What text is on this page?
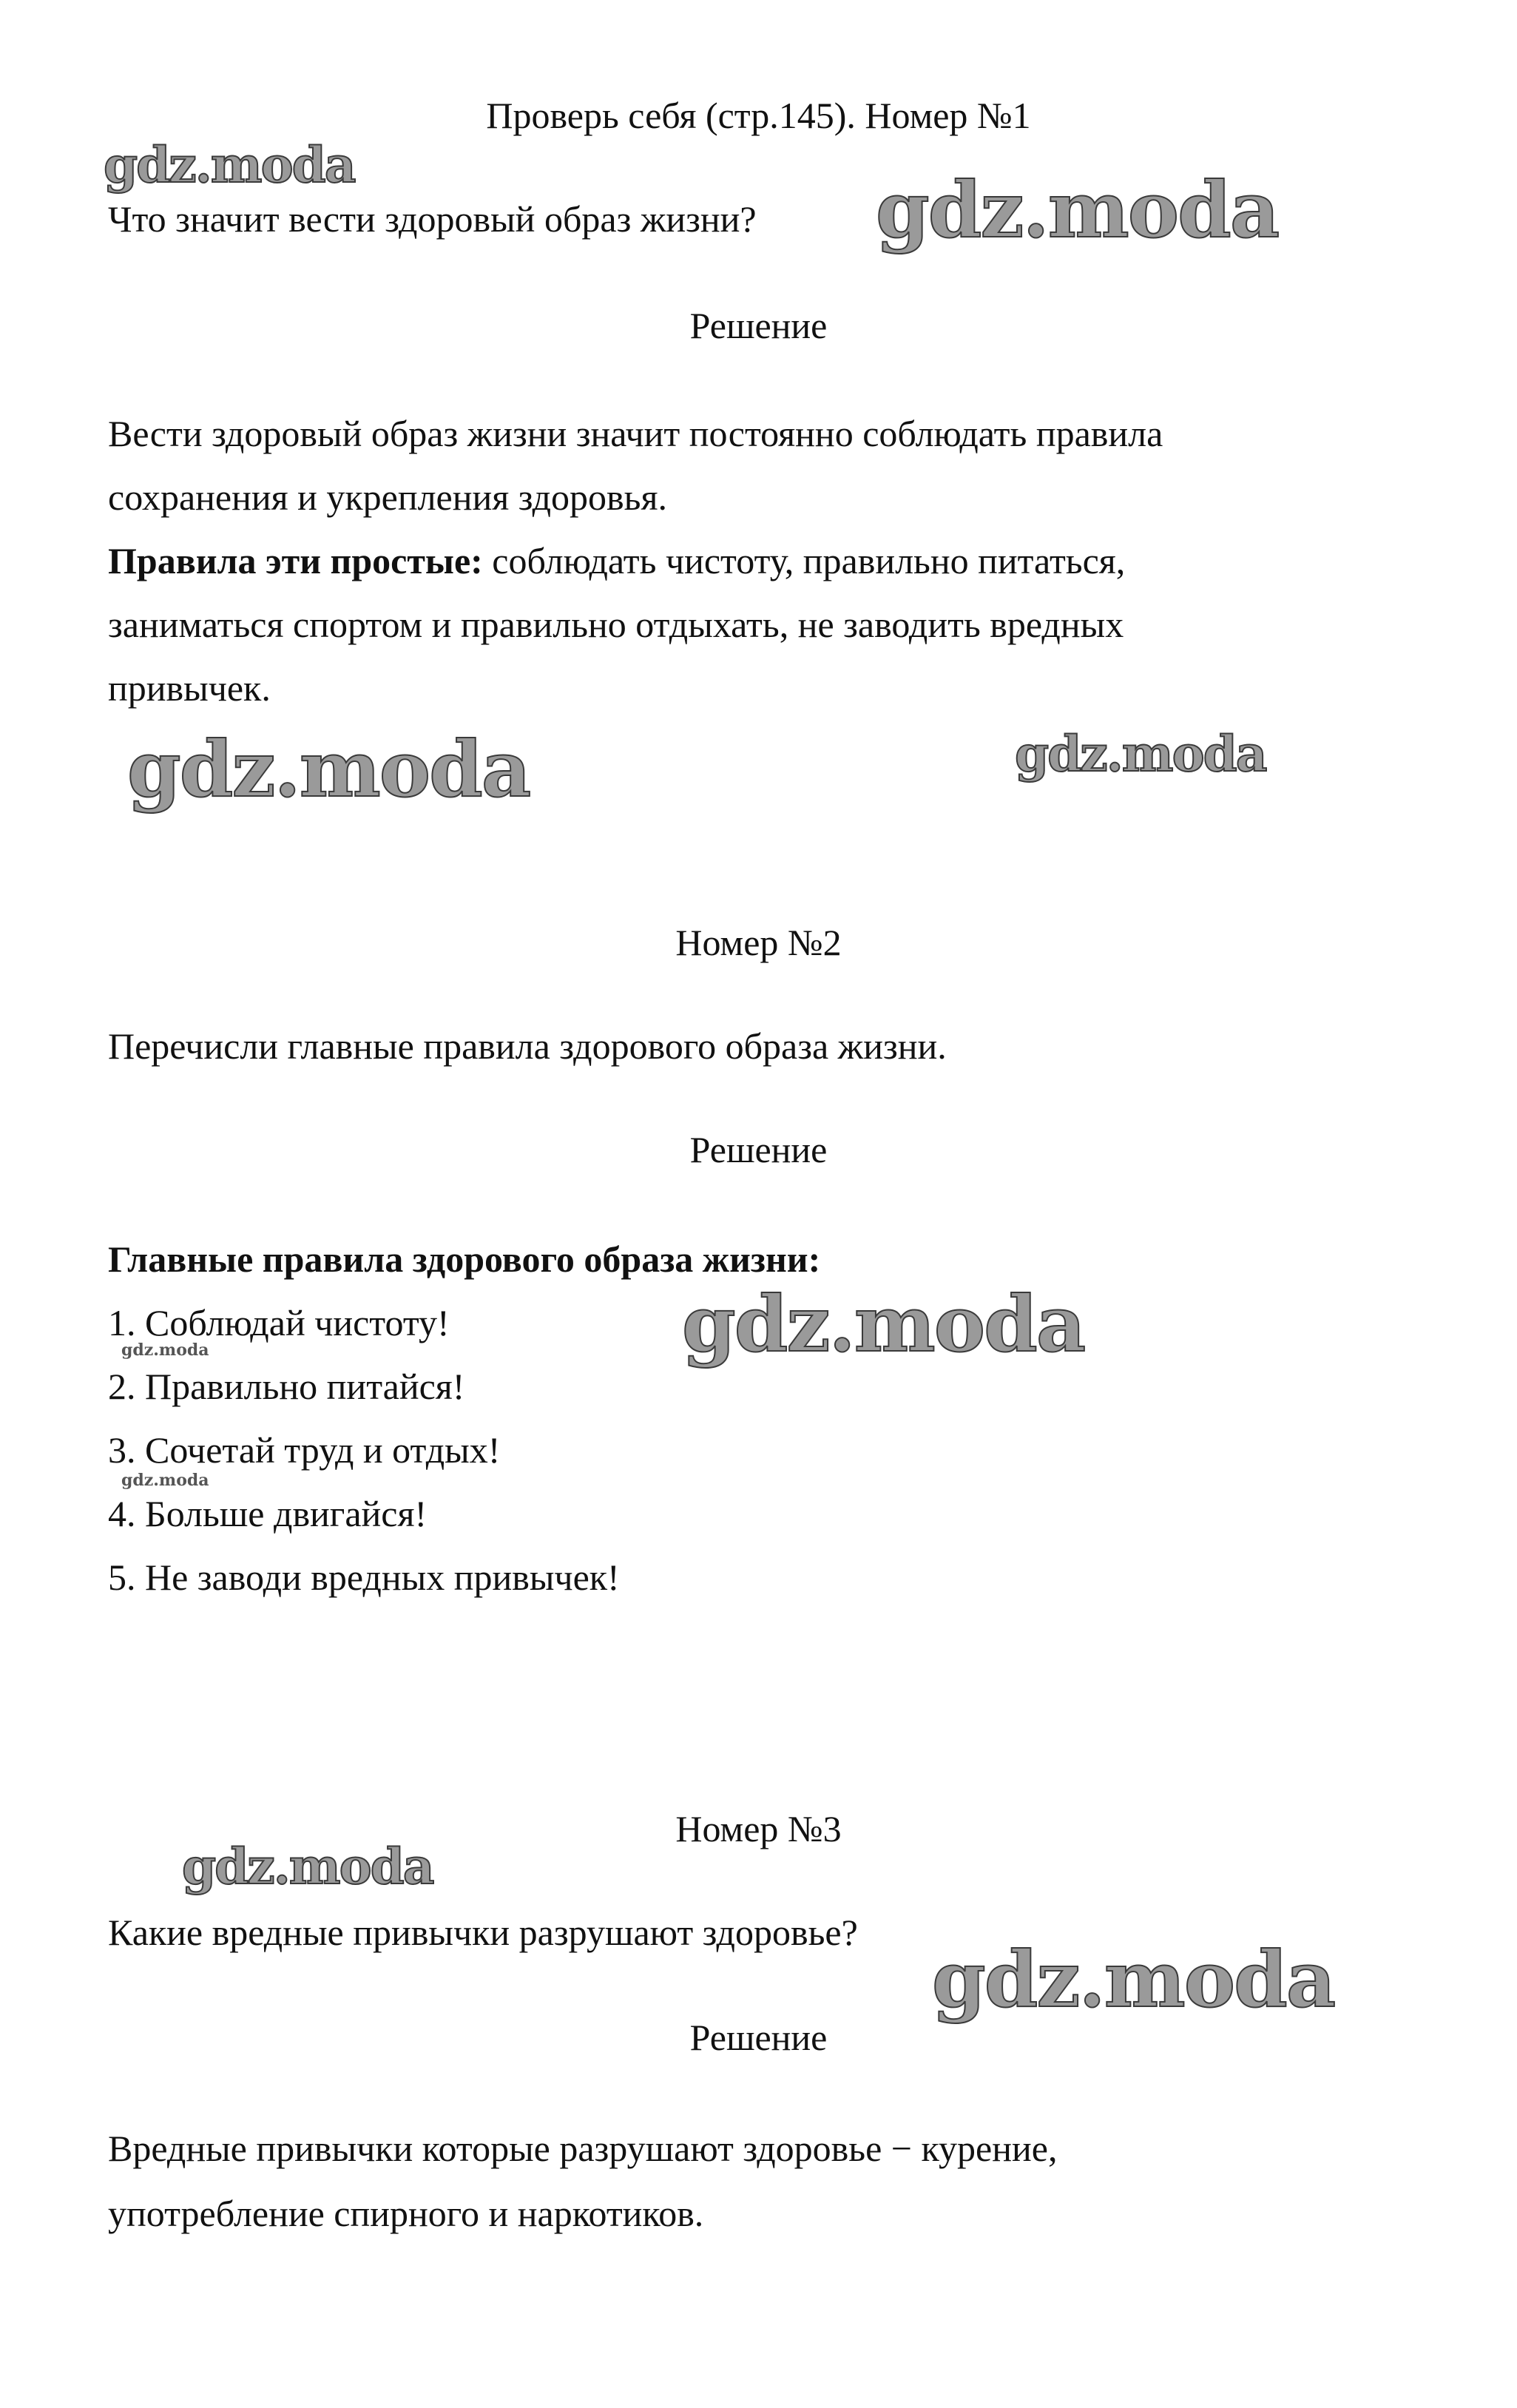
Проверь себя (стр.145). Номер №1

Что значит вести здоровый образ жизни?

Решение

Вести здоровый образ жизни значит постоянно соблюдать правила

сохранения и укрепления здоровья.

Правила эти простые: соблюдать чистоту, правильно питаться,

заниматься спортом и правильно отдыхать, не заводить вредных

привычек.

Номер №2

Перечисли главные правила здорового образа жизни.

Решение

Главные правила здорового образа жизни:

1. Соблюдай чистоту!
2. Правильно питайся!
3. Сочетай труд и отдых!
4. Больше двигайся!
5. Не заводи вредных привычек!

Номер №3

Какие вредные привычки разрушают здоровье?

Решение

Вредные привычки которые разрушают здоровье − курение,

употребление спирного и наркотиков.

gdz.moda	gdz.moda
gdz.moda	gdz.moda
gdz.moda
gdz.moda
gdz.moda
gdz.moda
gdz.moda
